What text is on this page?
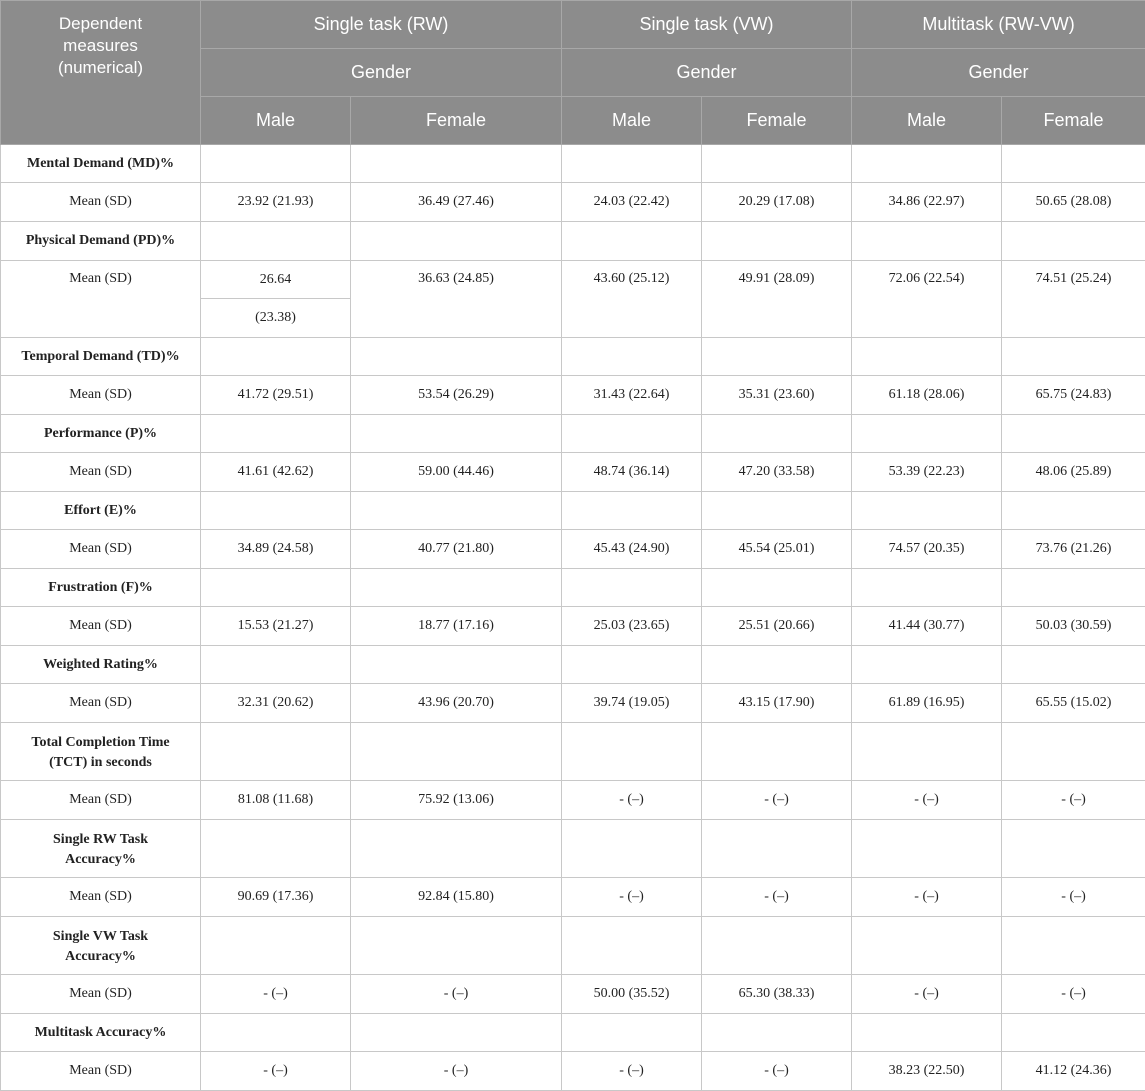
Dependent
measures
(numerical)	Single task (RW)		Single task (VW)		Multitask (RW-VW)	
	Gender		Gender		Gender	
	Male	Female	Male	Female	Male	Female
Mental Demand (MD)%						
Mean (SD)	23.92 (21.93)	36.49 (27.46)	24.03 (22.42)	20.29 (17.08)	34.86 (22.97)	50.65 (28.08)
Physical Demand (PD)%						
Mean (SD)	26.64	36.63 (24.85)	43.60 (25.12)	49.91 (28.09)	72.06 (22.54)	74.51 (25.24)
	(23.38)					
Temporal Demand (TD)%						
Mean (SD)	41.72 (29.51)	53.54 (26.29)	31.43 (22.64)	35.31 (23.60)	61.18 (28.06)	65.75 (24.83)
Performance (P)%						
Mean (SD)	41.61 (42.62)	59.00 (44.46)	48.74 (36.14)	47.20 (33.58)	53.39 (22.23)	48.06 (25.89)
Effort (E)%						
Mean (SD)	34.89 (24.58)	40.77 (21.80)	45.43 (24.90)	45.54 (25.01)	74.57 (20.35)	73.76 (21.26)
Frustration (F)%						
Mean (SD)	15.53 (21.27)	18.77 (17.16)	25.03 (23.65)	25.51 (20.66)	41.44 (30.77)	50.03 (30.59)
Weighted Rating%						
Mean (SD)	32.31 (20.62)	43.96 (20.70)	39.74 (19.05)	43.15 (17.90)	61.89 (16.95)	65.55 (15.02)
Total Completion Time
(TCT) in seconds						
Mean (SD)	81.08 (11.68)	75.92 (13.06)	- (–)	- (–)	- (–)	- (–)
Single RW Task
Accuracy%						
Mean (SD)	90.69 (17.36)	92.84 (15.80)	- (–)	- (–)	- (–)	- (–)
Single VW Task
Accuracy%						
Mean (SD)	- (–)	- (–)	50.00 (35.52)	65.30 (38.33)	- (–)	- (–)
Multitask Accuracy%						
Mean (SD)	- (–)	- (–)	- (–)	- (–)	38.23 (22.50)	41.12 (24.36)
